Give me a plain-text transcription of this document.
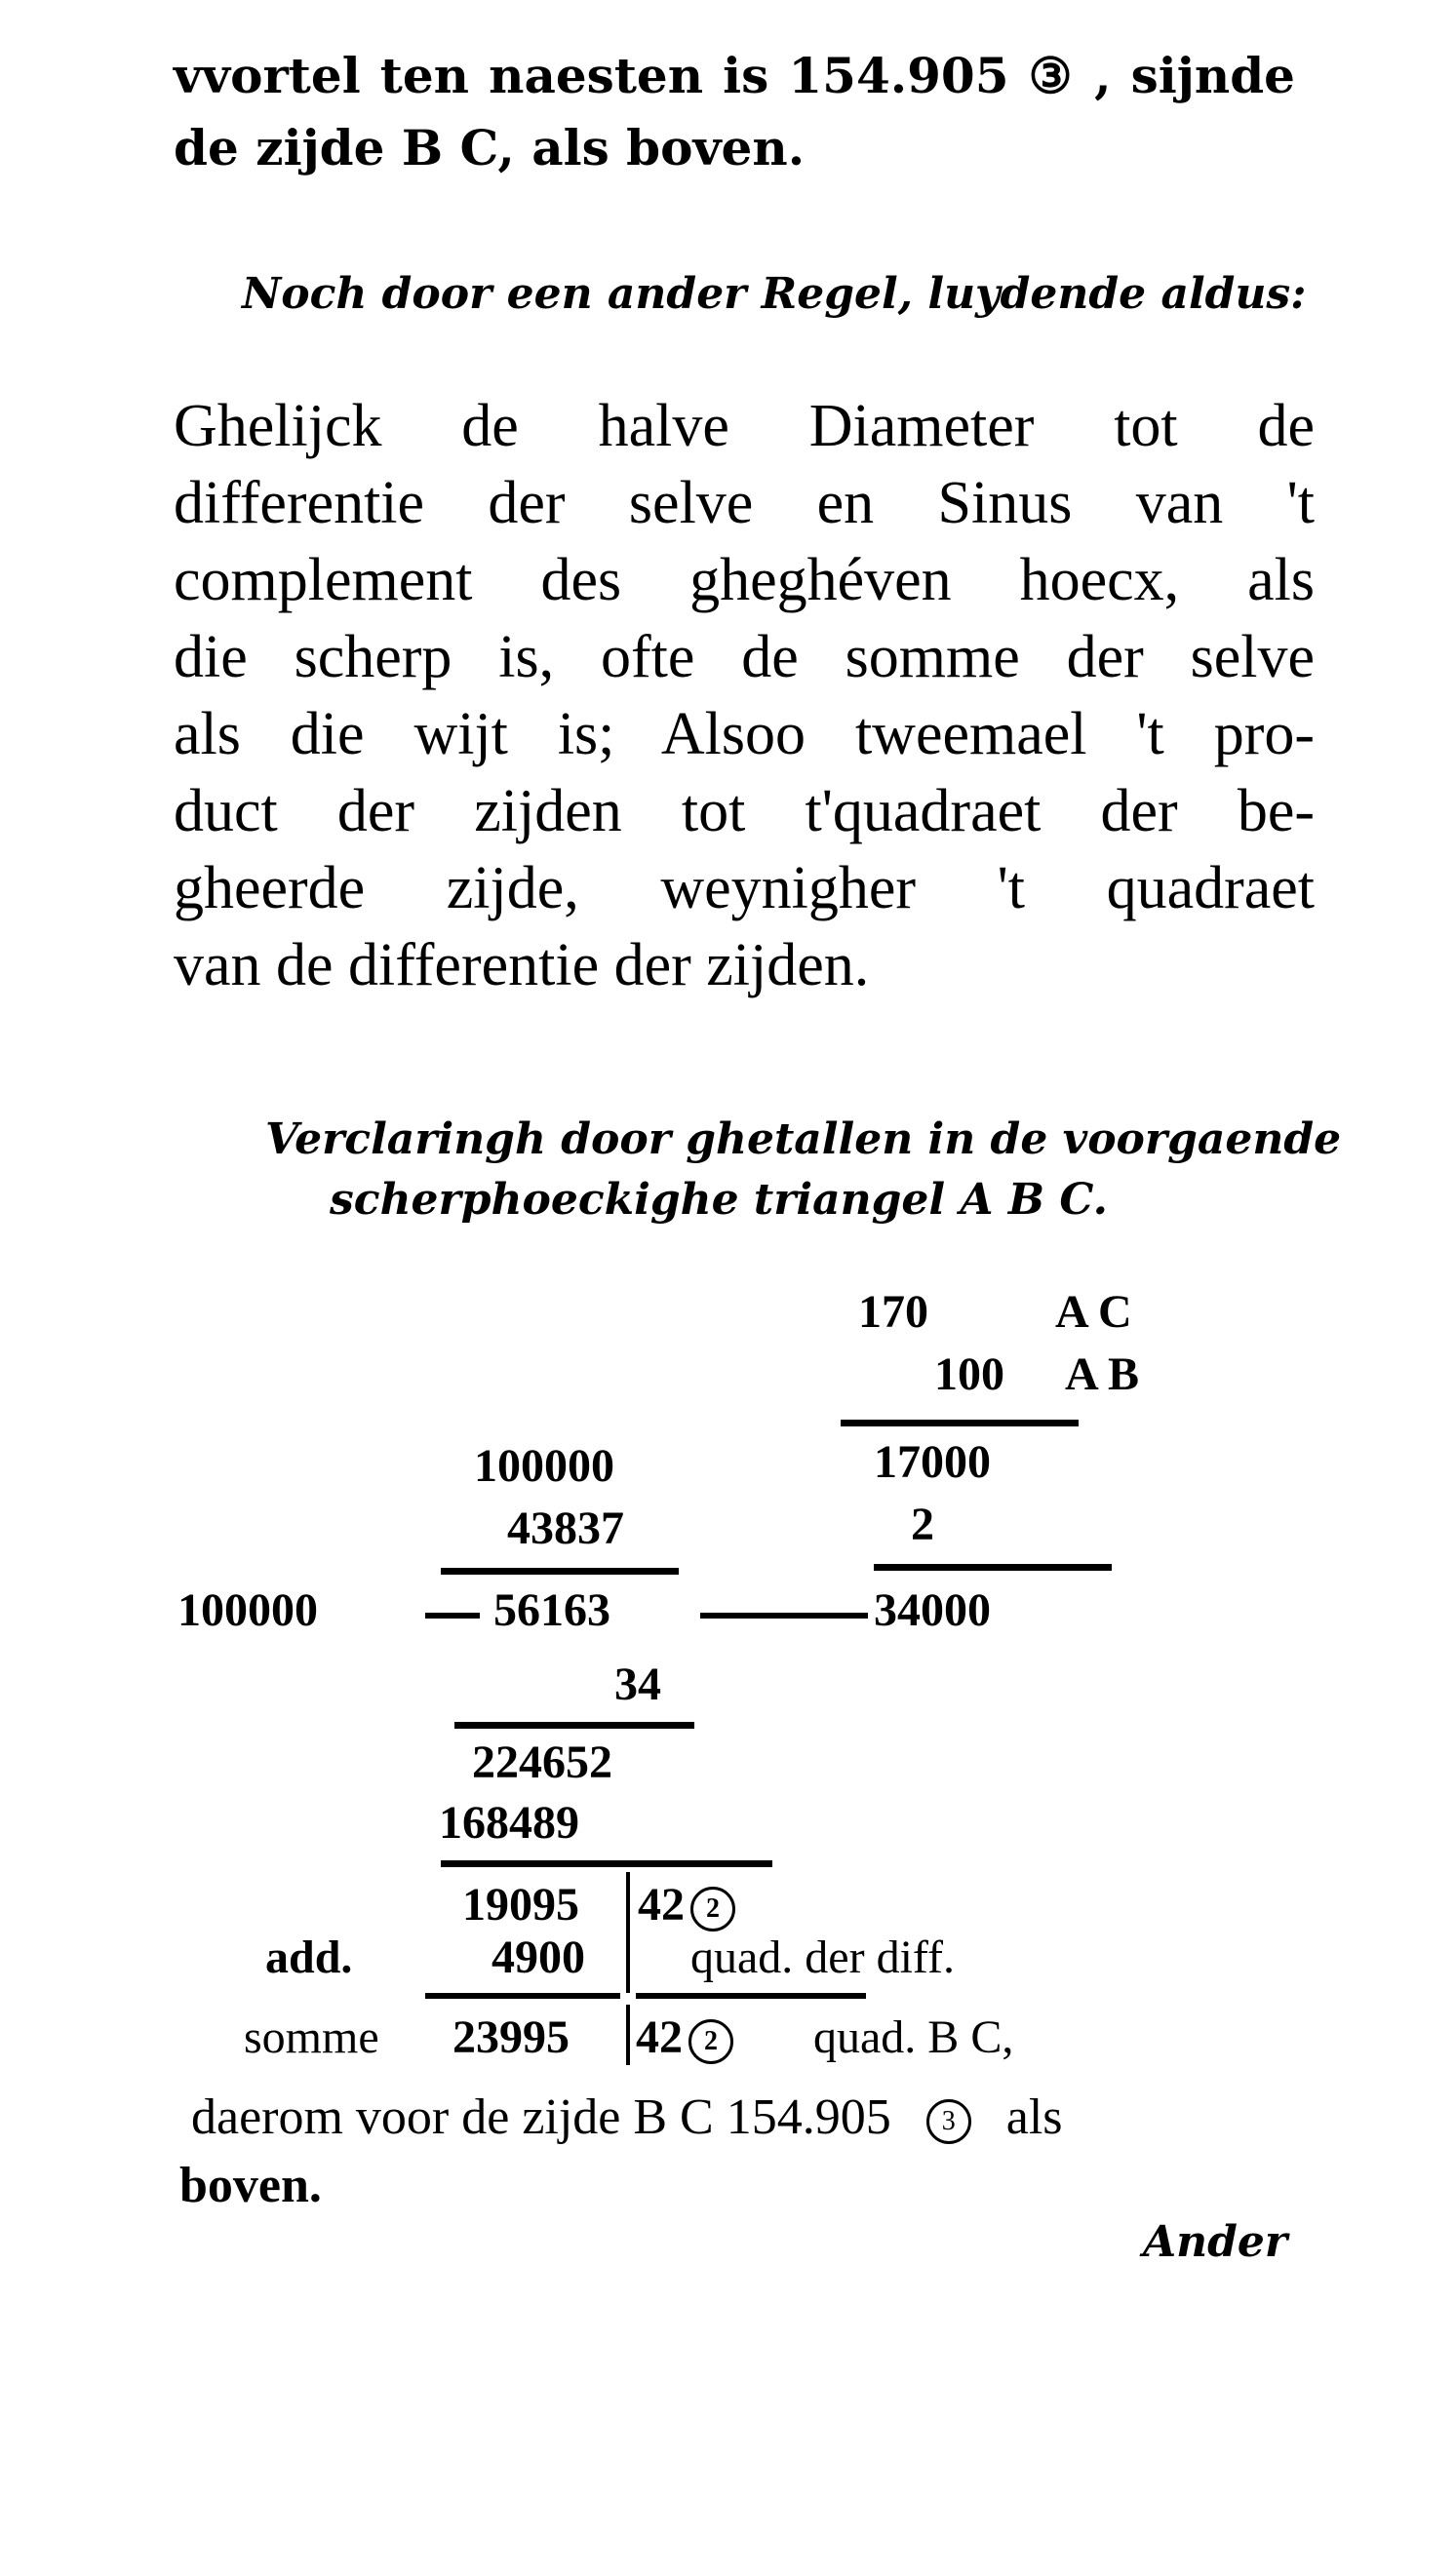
vvortel ten naesten is 154.905 ③ , sijnde
de zijde B C, als boven.
Noch door een ander Regel, luydende aldus:
Ghelijck de halve Diameter tot de
differentie der selve en Sinus van 't
complement des gheghéven hoecx, als
die scherp is, ofte de somme der selve
als die wijt is; Alsoo tweemael 't pro-
duct der zijden tot t'quadraet der be-
gheerde zijde, weynigher 't quadraet
van de differentie der zijden.
Verclaringh door ghetallen in de voorgaende
scherphoeckighe triangel A B C.
170	A C
100 A B
17000
2
100000
43837
100000	56163	34000
34
224652
168489
19095 42 2
add.	4900 quad. der diff.
somme 23995 42 2	quad. B C,
daerom voor de zijde B C 154.905 3 als
boven.
Ander
